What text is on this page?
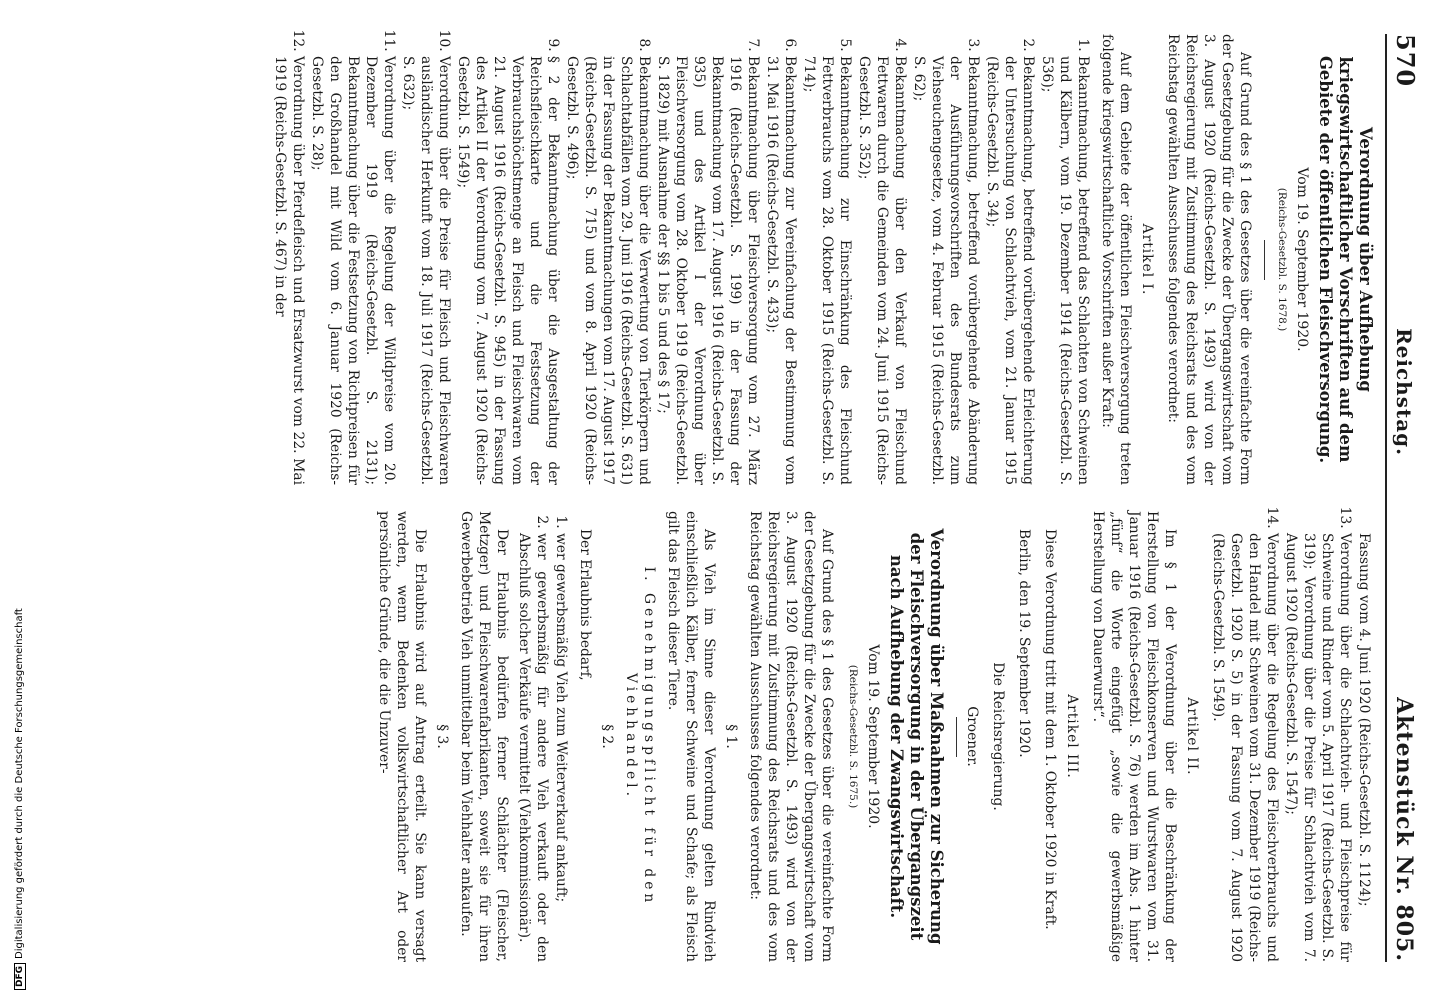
570
Reichstag.
Aktenstück Nr. 805.
Verordnung über Aufhebung kriegswirtschaftlicher Vorschriften auf dem Gebiete der öffentlichen Fleischversorgung.
Vom 19. September 1920.
(Reichs-Gesetzbl. S. 1678.)

Auf Grund des § 1 des Gesetzes über die vereinfachte Form der Gesetzgebung für die Zwecke der Übergangswirtschaft vom 3. August 1920 (Reichs-Gesetzbl. S. 1493) wird von der Reichsregierung mit Zustimmung des Reichsrats und des vom Reichstag gewählten Ausschusses folgendes verordnet:

Artikel I.

Auf dem Gebiete der öffentlichen Fleischversorgung treten folgende kriegswirtschaftliche Vorschriften außer Kraft:

1. Bekanntmachung, betreffend das Schlachten von Schweinen und Kälbern, vom 19. Dezember 1914 (Reichs-Gesetzbl. S. 536);
2. Bekanntmachung, betreffend vorübergehende Erleichterung der Untersuchung von Schlachtvieh, vom 21. Januar 1915 (Reichs-Gesetzbl. S. 34);
3. Bekanntmachung, betreffend vorübergehende Abänderung der Ausführungsvorschriften des Bundesrats zum Viehseuchengesetze, vom 4. Februar 1915 (Reichs-Gesetzbl. S. 62);
4. Bekanntmachung über den Verkauf von Fleischund Fettwaren durch die Gemeinden vom 24. Juni 1915 (Reichs-Gesetzbl. S. 352);
5. Bekanntmachung zur Einschränkung des Fleischund Fettverbrauchs vom 28. Oktober 1915 (Reichs-Gesetzbl. S. 714);
6. Bekanntmachung zur Vereinfachung der Bestimmung vom 31. Mai 1916 (Reichs-Gesetzbl. S. 433);
7. Bekanntmachung über Fleischversorgung vom 27. März 1916 (Reichs-Gesetzbl. S. 199) in der Fassung der Bekanntmachung vom 17. August 1916 (Reichs-Gesetzbl. S. 935) und des Artikel I der Verordnung über Fleischversorgung vom 28. Oktober 1919 (Reichs-Gesetzbl. S. 1829) mit Ausnahme der §§ 1 bis 5 und des § 17;
8. Bekanntmachung über die Verwertung von Tierkörpern und Schlachtabfällen vom 29. Juni 1916 (Reichs-Gesetzbl. S. 631) in der Fassung der Bekanntmachungen vom 17. August 1917 (Reichs-Gesetzbl. S. 715) und vom 8. April 1920 (Reichs-Gesetzbl. S. 496);
9. § 2 der Bekanntmachung über die Ausgestaltung der Reichsfleischkarte und die Festsetzung der Verbrauchshöchstmenge an Fleisch und Fleischwaren vom 21. August 1916 (Reichs-Gesetzbl. S. 945) in der Fassung des Artikel II der Verordnung vom 7. August 1920 (Reichs-Gesetzbl. S. 1549);
10. Verordnung über die Preise für Fleisch und Fleischwaren ausländischer Herkunft vom 18. Juli 1917 (Reichs-Gesetzbl. S. 632);
11. Verordnung über die Regelung der Wildpreise vom 20. Dezember 1919 (Reichs-Gesetzbl. S. 2131); Bekanntmachung über die Festsetzung von Richtpreisen für den Großhandel mit Wild vom 6. Januar 1920 (Reichs-Gesetzbl. S. 28);
12. Verordnung über Pferdefleisch und Ersatzwurst vom 22. Mai 1919 (Reichs-Gesetzbl. S. 467) in der
Fassung vom 4. Juni 1920 (Reichs-Gesetzbl. S. 1124);
13. Verordnung über die Schlachtvieh- und Fleischpreise für Schweine und Rinder vom 5. April 1917 (Reichs-Gesetzbl. S. 319); Verordnung über die Preise für Schlachtvieh vom 7. August 1920 (Reichs-Gesetzbl. S. 1547);
14. Verordnung über die Regelung des Fleischverbrauchs und den Handel mit Schweinen vom 31. Dezember 1919 (Reichs-Gesetzbl. 1920 S. 5) in der Fassung vom 7. August 1920 (Reichs-Gesetzbl. S. 1549).
Artikel II.

Im § 1 der Verordnung über die Beschränkung der Herstellung von Fleischkonserven und Wurstwaren vom 31. Januar 1916 (Reichs-Gesetzbl. S. 76) werden im Abs. 1 hinter „fünf“ die Worte eingefügt „sowie die gewerbsmäßige Herstellung von Dauerwurst“.

Artikel III.

Diese Verordnung tritt mit dem 1. Oktober 1920 in Kraft.

Berlin, den 19. September 1920.

Die Reichsregierung.
Groener.
Verordnung über Maßnahmen zur Sicherung der Fleischversorgung in der Übergangszeit nach Aufhebung der Zwangswirtschaft.
Vom 19. September 1920.
(Reichs-Gesetzbl. S. 1675.)

Auf Grund des § 1 des Gesetzes über die vereinfachte Form der Gesetzgebung für die Zwecke der Übergangswirtschaft vom 3. August 1920 (Reichs-Gesetzbl. S. 1493) wird von der Reichsregierung mit Zustimmung des Reichsrats und des vom Reichstag gewählten Ausschusses folgendes verordnet:

§ 1.

Als Vieh im Sinne dieser Verordnung gelten Rindvieh einschließlich Kälber, ferner Schweine und Schafe; als Fleisch gilt das Fleisch dieser Tiere.

I. Genehmigungspflicht für den Viehhandel.
§ 2.

Der Erlaubnis bedarf,

1. wer gewerbsmäßig Vieh zum Weiterverkauf ankauft;
2. wer gewerbsmäßig für andere Vieh verkauft oder den Abschluß solcher Verkäufe vermittelt (Viehkommissionär).

Der Erlaubnis bedürfen ferner Schlächter (Fleischer, Metzger) und Fleischwarenfabrikanten, soweit sie für ihren Gewerbebetrieb Vieh unmittelbar beim Viehhalter ankaufen.

§ 3.

Die Erlaubnis wird auf Antrag erteilt. Sie kann versagt werden, wenn Bedenken volkswirtschaftlicher Art oder persönliche Gründe, die die Unzuver-

DFGDigitalisierung gefördert durch die Deutsche Forschungsgemeinschaft
